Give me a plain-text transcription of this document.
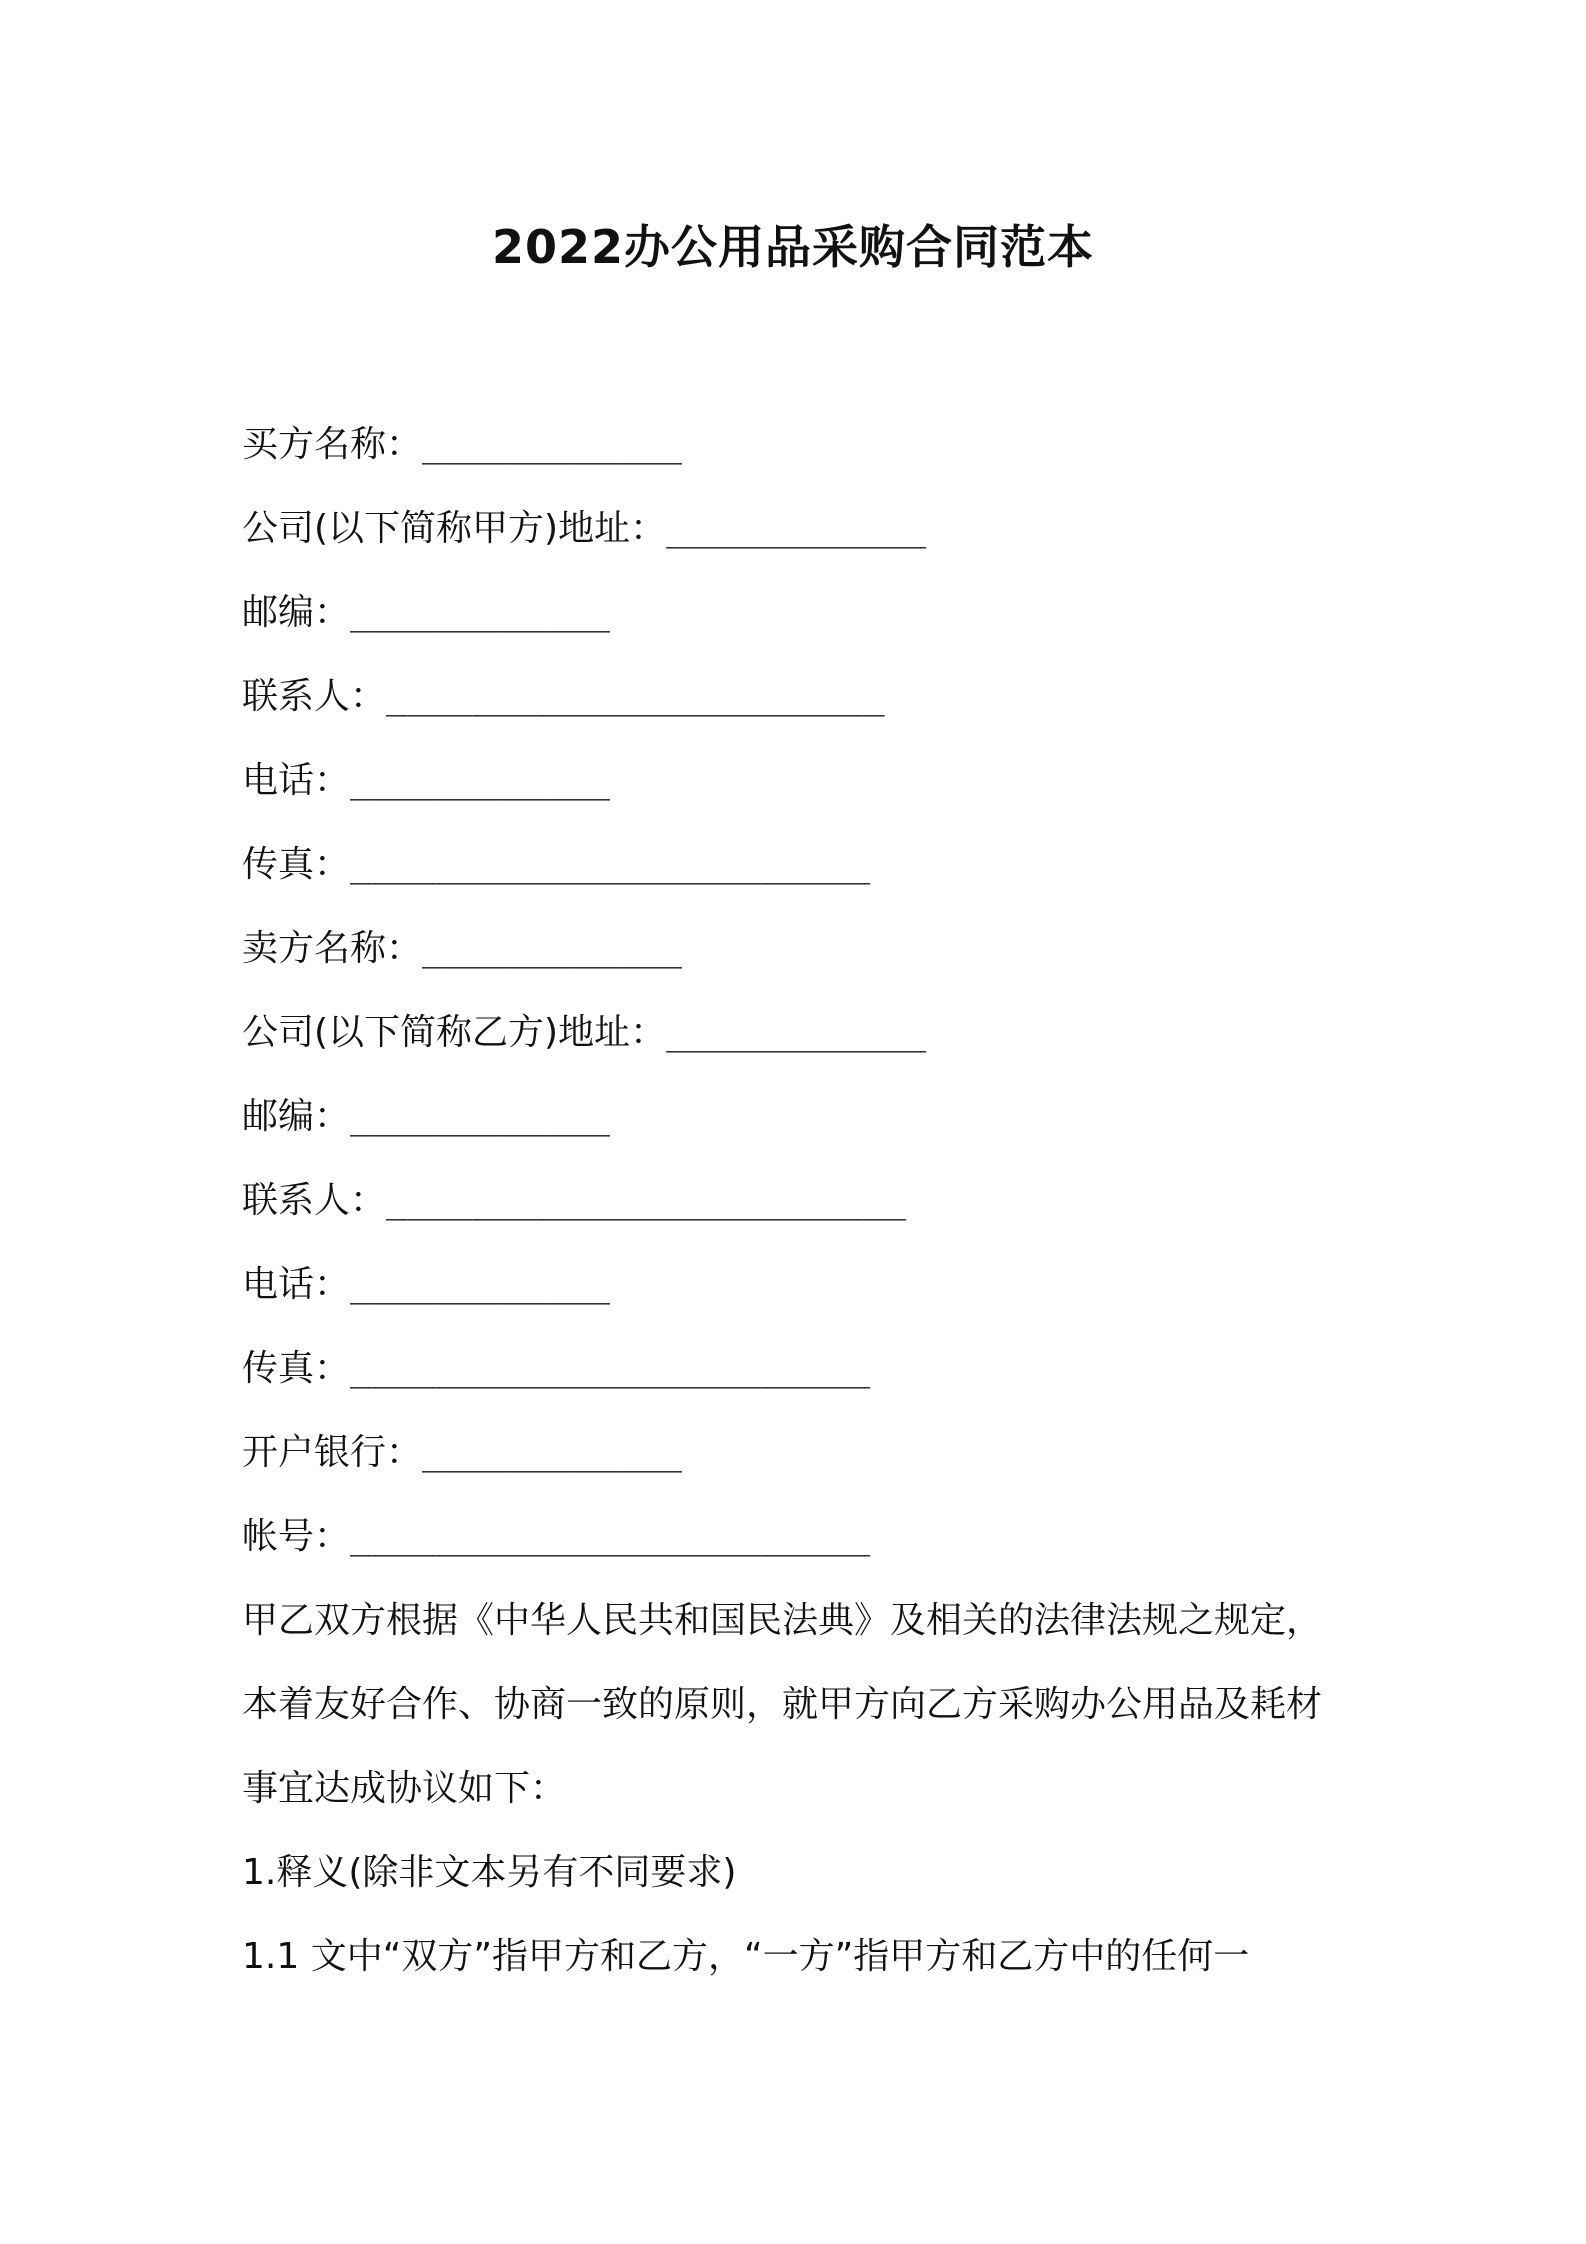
2022办公用品采购合同范本
买方名称：____________
公司(以下简称甲方)地址：____________
邮编：____________
联系人：_______________________
电话：____________
传真：________________________
卖方名称：____________
公司(以下简称乙方)地址：____________
邮编：____________
联系人：________________________
电话：____________
传真：________________________
开户银行：____________
帐号：________________________
甲乙双方根据《中华人民共和国民法典》及相关的法律法规之规定，
本着友好合作、协商一致的原则，就甲方向乙方采购办公用品及耗材
事宜达成协议如下：
1.释义(除非文本另有不同要求)
1.1 文中“双方”指甲方和乙方，“一方”指甲方和乙方中的任何一
